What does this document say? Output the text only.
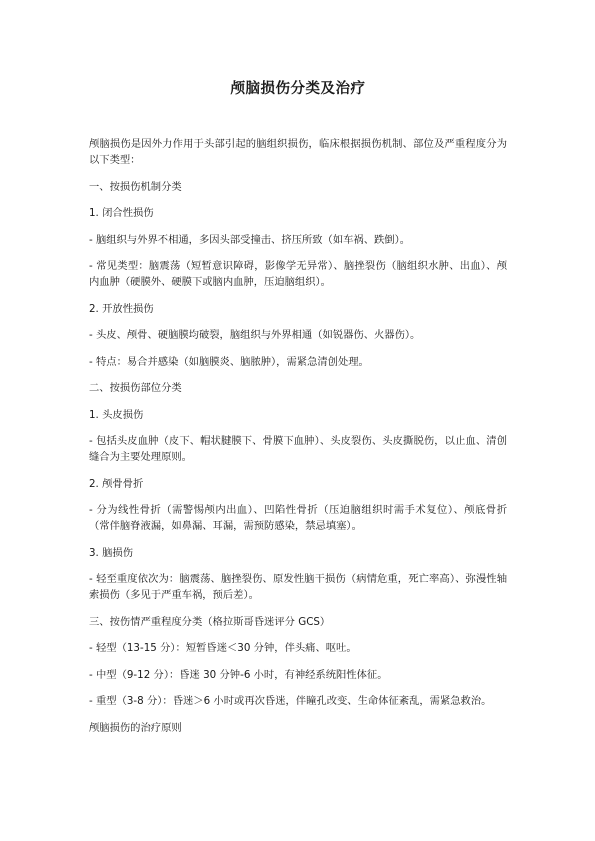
颅脑损伤分类及治疗

颅脑损伤是因外力作用于头部引起的脑组织损伤，临床根据损伤机制、部位及严重程度分为以下类型：

一、按损伤机制分类

1. 闭合性损伤

- 脑组织与外界不相通，多因头部受撞击、挤压所致（如车祸、跌倒）。

- 常见类型：脑震荡（短暂意识障碍，影像学无异常）、脑挫裂伤（脑组织水肿、出血）、颅内血肿（硬膜外、硬膜下或脑内血肿，压迫脑组织）。

2. 开放性损伤

- 头皮、颅骨、硬脑膜均破裂，脑组织与外界相通（如锐器伤、火器伤）。

- 特点：易合并感染（如脑膜炎、脑脓肿），需紧急清创处理。

二、按损伤部位分类

1. 头皮损伤

- 包括头皮血肿（皮下、帽状腱膜下、骨膜下血肿）、头皮裂伤、头皮撕脱伤，以止血、清创缝合为主要处理原则。

2. 颅骨骨折

- 分为线性骨折（需警惕颅内出血）、凹陷性骨折（压迫脑组织时需手术复位）、颅底骨折（常伴脑脊液漏，如鼻漏、耳漏，需预防感染，禁忌填塞）。

3. 脑损伤

- 轻至重度依次为：脑震荡、脑挫裂伤、原发性脑干损伤（病情危重，死亡率高）、弥漫性轴索损伤（多见于严重车祸，预后差）。

三、按伤情严重程度分类（格拉斯哥昏迷评分 GCS）

- 轻型（13-15 分）：短暂昏迷＜30 分钟，伴头痛、呕吐。

- 中型（9-12 分）：昏迷 30 分钟-6 小时，有神经系统阳性体征。

- 重型（3-8 分）：昏迷＞6 小时或再次昏迷，伴瞳孔改变、生命体征紊乱，需紧急救治。

颅脑损伤的治疗原则
